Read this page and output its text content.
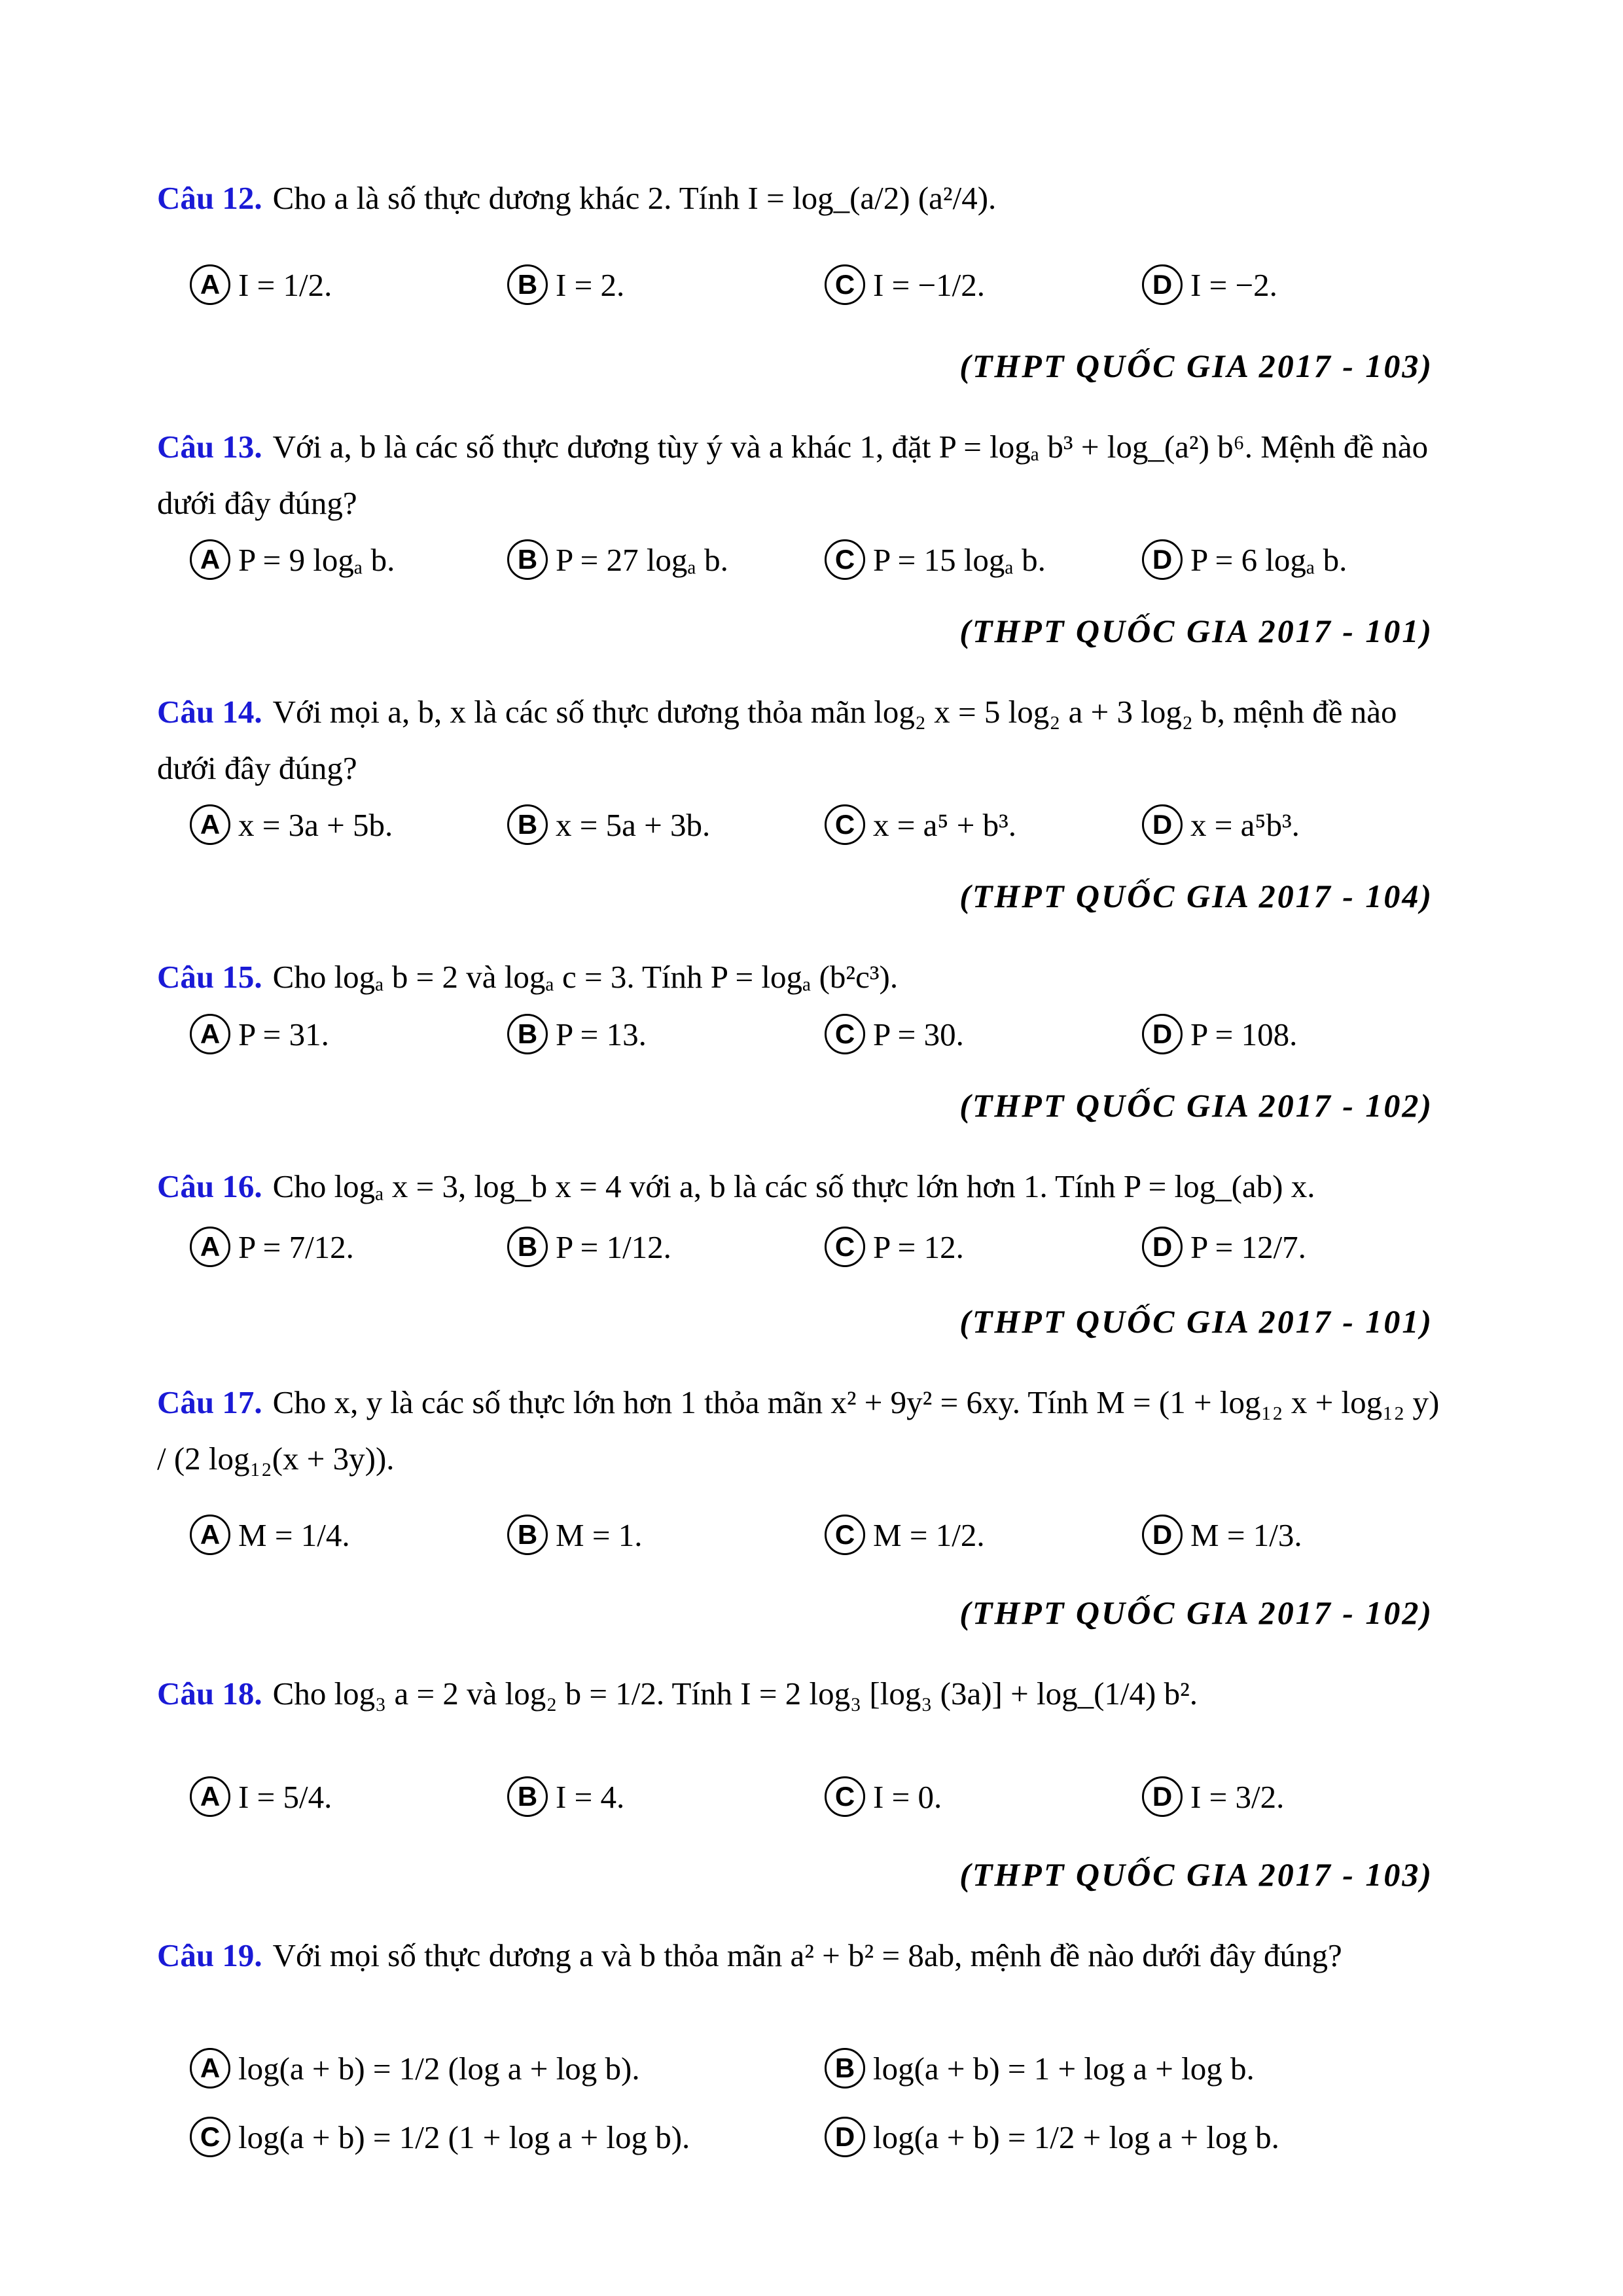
Câu 12. Cho a là số thực dương khác 2. Tính I = log_(a/2) (a²/4).
A I = 1/2.	B I = 2.	C I = −1/2.	D I = −2.
(THPT QUỐC GIA 2017 - 103)
Câu 13. Với a, b là các số thực dương tùy ý và a khác 1, đặt P = logₐ b³ + log_(a²) b⁶. Mệnh đề nào dưới đây đúng?
A P = 9 logₐ b.	B P = 27 logₐ b.	C P = 15 logₐ b.	D P = 6 logₐ b.
(THPT QUỐC GIA 2017 - 101)
Câu 14. Với mọi a, b, x là các số thực dương thỏa mãn log₂ x = 5 log₂ a + 3 log₂ b, mệnh đề nào dưới đây đúng?
A x = 3a + 5b.	B x = 5a + 3b.	C x = a⁵ + b³.	D x = a⁵b³.
(THPT QUỐC GIA 2017 - 104)
Câu 15. Cho logₐ b = 2 và logₐ c = 3. Tính P = logₐ (b²c³).
A P = 31.	B P = 13.	C P = 30.	D P = 108.
(THPT QUỐC GIA 2017 - 102)
Câu 16. Cho logₐ x = 3, log_b x = 4 với a, b là các số thực lớn hơn 1. Tính P = log_(ab) x.
A P = 7/12.	B P = 1/12.	C P = 12.	D P = 12/7.
(THPT QUỐC GIA 2017 - 101)
Câu 17. Cho x, y là các số thực lớn hơn 1 thỏa mãn x² + 9y² = 6xy. Tính M = (1 + log₁₂ x + log₁₂ y) / (2 log₁₂(x + 3y)).
A M = 1/4.	B M = 1.	C M = 1/2.	D M = 1/3.
(THPT QUỐC GIA 2017 - 102)
Câu 18. Cho log₃ a = 2 và log₂ b = 1/2. Tính I = 2 log₃ [log₃ (3a)] + log_(1/4) b².
A I = 5/4.	B I = 4.	C I = 0.	D I = 3/2.
(THPT QUỐC GIA 2017 - 103)
Câu 19. Với mọi số thực dương a và b thỏa mãn a² + b² = 8ab, mệnh đề nào dưới đây đúng?
A log(a + b) = 1/2 (log a + log b).	B log(a + b) = 1 + log a + log b.
C log(a + b) = 1/2 (1 + log a + log b).	D log(a + b) = 1/2 + log a + log b.
